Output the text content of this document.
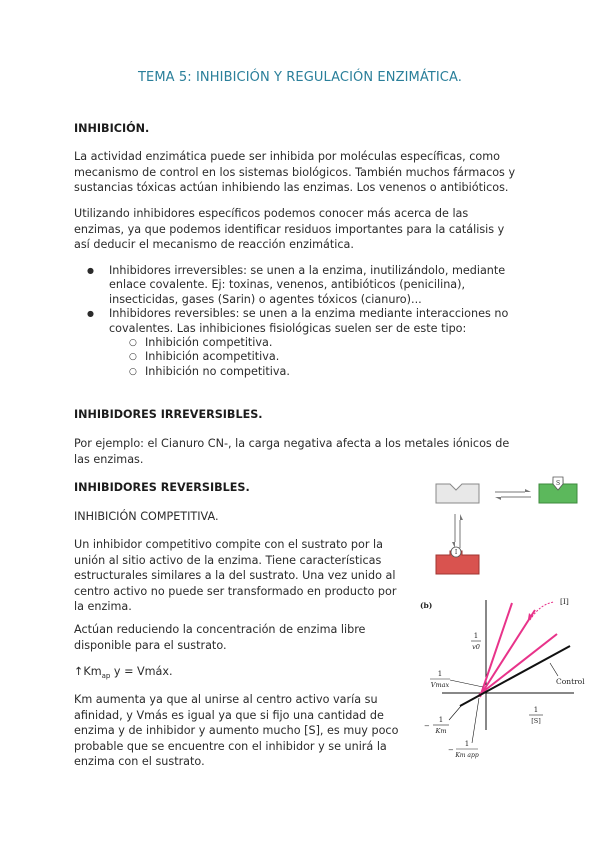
TEMA 5: INHIBICIÓN Y REGULACIÓN ENZIMÁTICA.
INHIBICIÓN.
La actividad enzimática puede ser inhibida por moléculas específicas, como mecanismo de control en los sistemas biológicos. También muchos fármacos y sustancias tóxicas actúan inhibiendo las enzimas. Los venenos o antibióticos.
Utilizando inhibidores específicos podemos conocer más acerca de las enzimas, ya que podemos identificar residuos importantes para la catálisis y así deducir el mecanismo de reacción enzimática.
● Inhibidores irreversibles: se unen a la enzima, inutilizándolo, mediante enlace covalente. Ej: toxinas, venenos, antibióticos (penicilina), insecticidas, gases (Sarin) o agentes tóxicos (cianuro)...
● Inhibidores reversibles: se unen a la enzima mediante interacciones no covalentes. Las inhibiciones fisiológicas suelen ser de este tipo:
○ Inhibición competitiva.
○ Inhibición acompetitiva.
○ Inhibición no competitiva.
INHIBIDORES IRREVERSIBLES.
Por ejemplo: el Cianuro CN-, la carga negativa afecta a los metales iónicos de las enzimas.
INHIBIDORES REVERSIBLES.
INHIBICIÓN COMPETITIVA.
Un inhibidor competitivo compite con el sustrato por la unión al sitio activo de la enzima. Tiene características estructurales similares a la del sustrato. Una vez unido al centro activo no puede ser transformado en producto por la enzima.
Actúan reduciendo la concentración de enzima libre disponible para el sustrato.
$↑Km_{ap}$ y = Vmáx.
Km aumenta ya que al unirse al centro activo varía su afinidad, y Vmás es igual ya que si fijo una cantidad de enzima y de inhibidor y aumento mucho [S], es muy poco probable que se encuentre con el inhibidor y se unirá la enzima con el sustrato.
S
I
(b)	[I]
Control
1
v0
1
Vmax
1
[S]
−
1
Km
−
1
Km app
